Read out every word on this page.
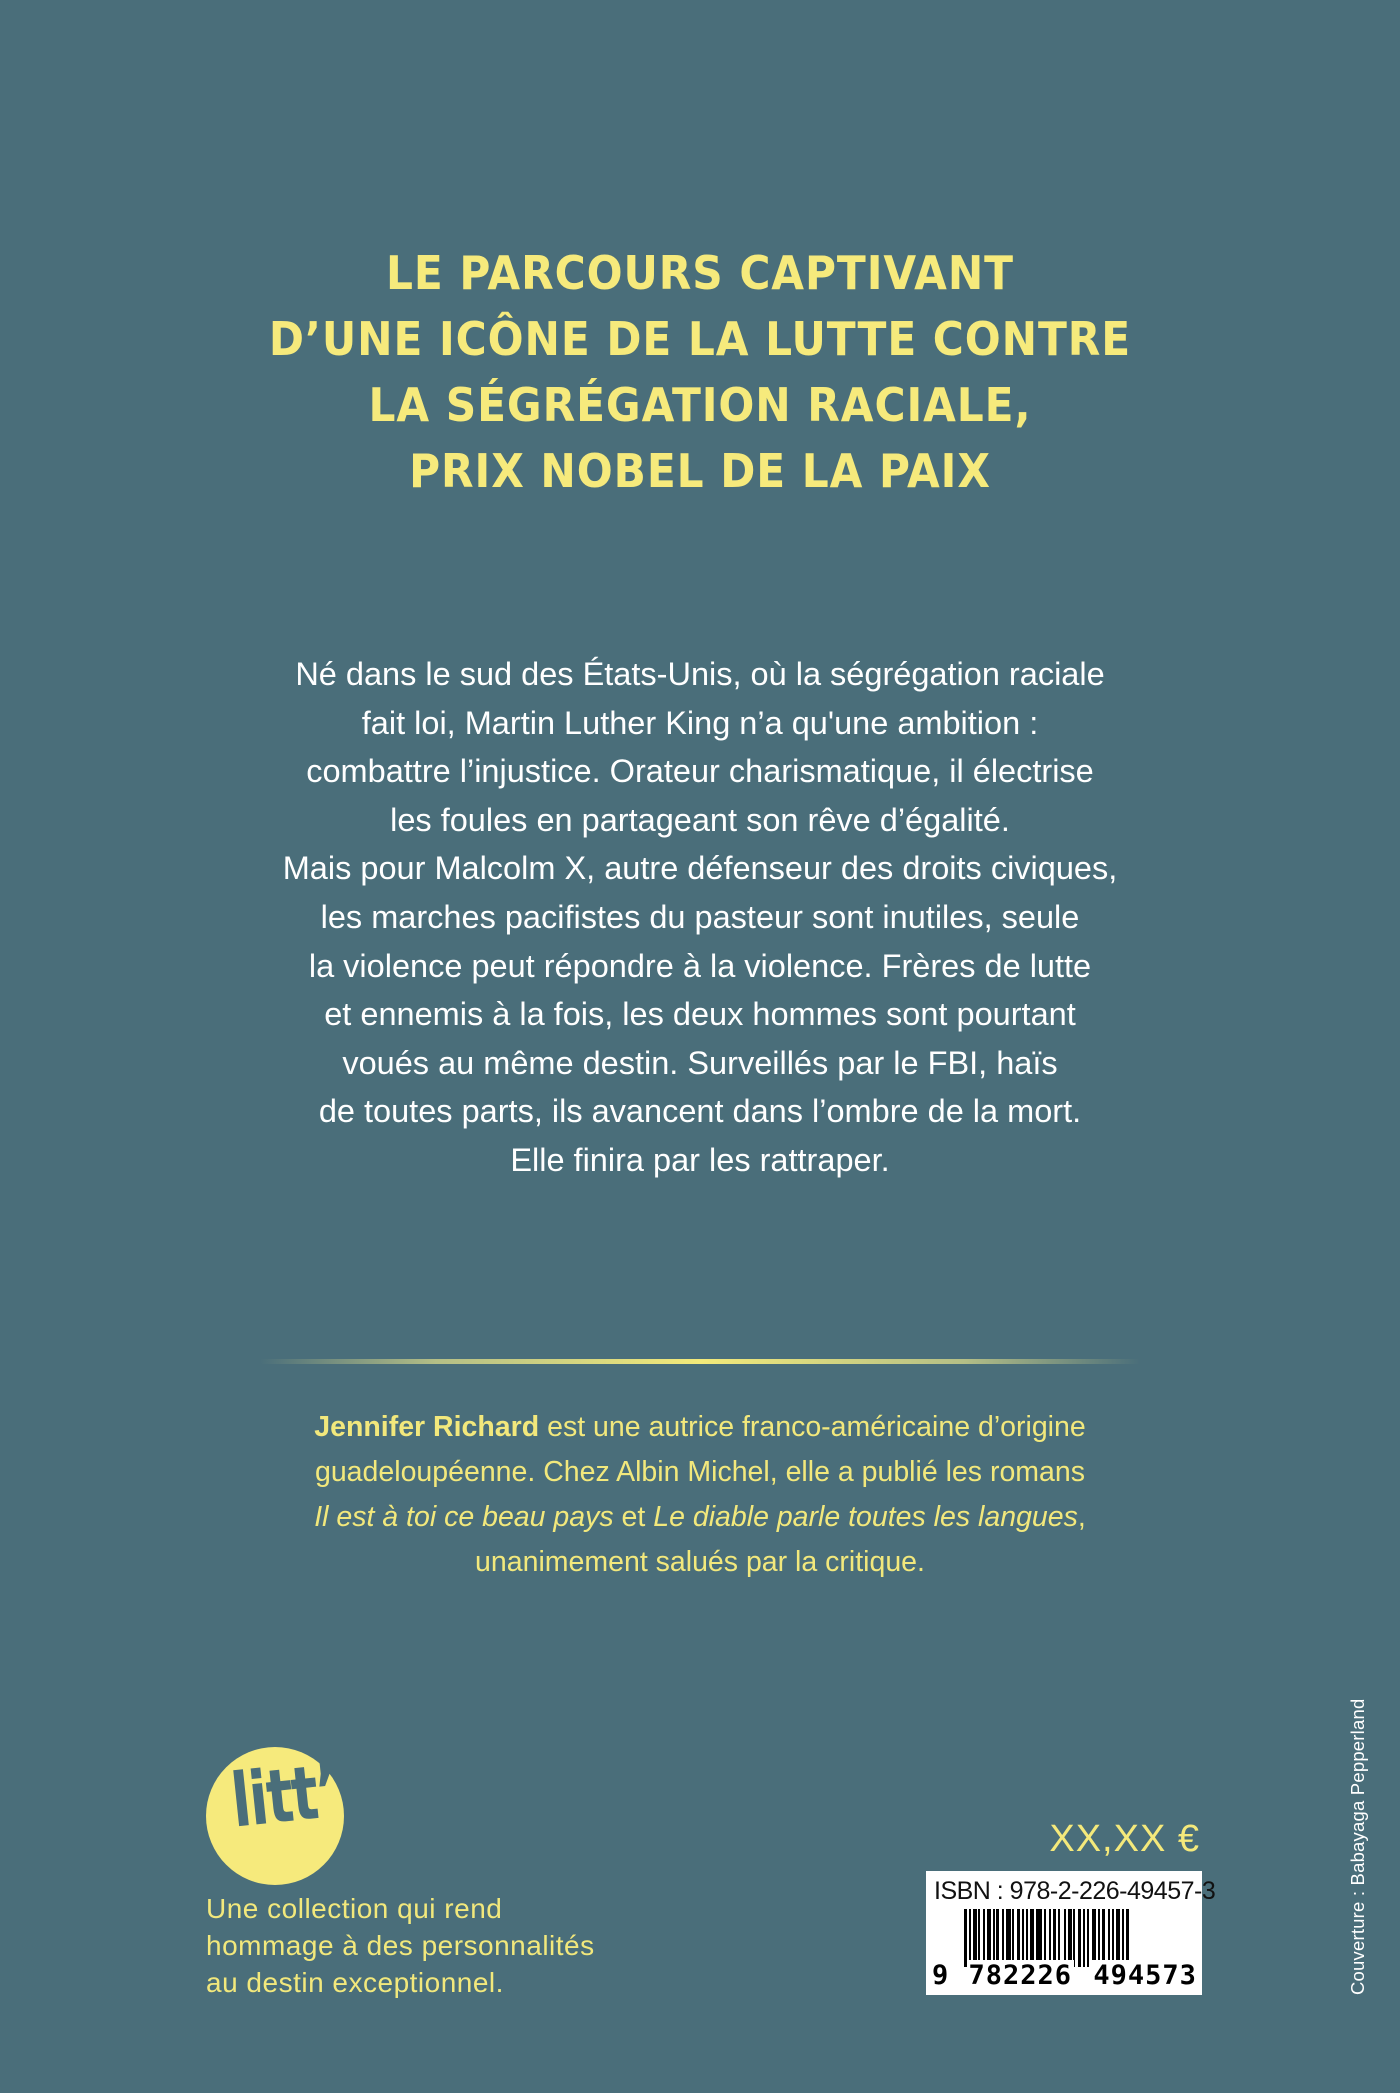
LE PARCOURS CAPTIVANT
D’UNE ICÔNE DE LA LUTTE CONTRE
LA SÉGRÉGATION RACIALE,
PRIX NOBEL DE LA PAIX
Né dans le sud des États-Unis, où la ségrégation raciale
fait loi, Martin Luther King n’a qu'une ambition :
combattre l’injustice. Orateur charismatique, il électrise
les foules en partageant son rêve d’égalité.
Mais pour Malcolm X, autre défenseur des droits civiques,
les marches pacifistes du pasteur sont inutiles, seule
la violence peut répondre à la violence. Frères de lutte
et ennemis à la fois, les deux hommes sont pourtant
voués au même destin. Surveillés par le FBI, haïs
de toutes parts, ils avancent dans l’ombre de la mort.
Elle finira par les rattraper.
Jennifer Richard est une autrice franco-américaine d’origine
guadeloupéenne. Chez Albin Michel, elle a publié les romans
Il est à toi ce beau pays et Le diable parle toutes les langues,
unanimement salués par la critique.
litt’
Une collection qui rend
hommage à des personnalités
au destin exceptionnel.
XX,XX €
ISBN : 978-2-226-49457-3
9 782226 494573	Couverture : Babayaga Pepperland
